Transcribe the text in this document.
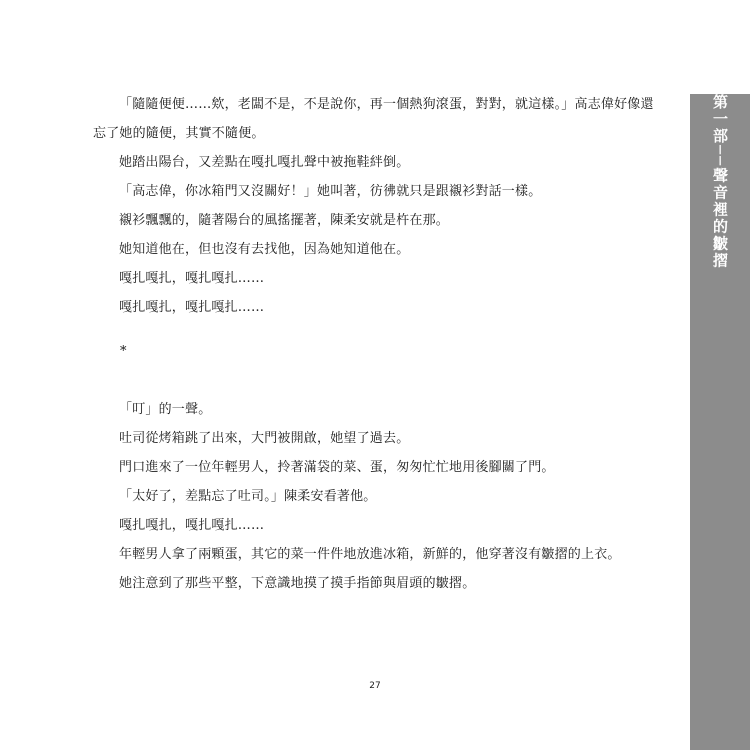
「隨隨便便……欸，老闆不是，不是說你，再一個熱狗滾蛋，對對，就這樣。」高志偉好像還忘了她的隨便，其實不隨便。

她踏出陽台，又差點在嘎扎嘎扎聲中被拖鞋絆倒。

「高志偉，你冰箱門又沒關好！」她叫著，彷彿就只是跟襯衫對話一樣。

襯衫飄飄的，隨著陽台的風搖擺著，陳柔安就是杵在那。

她知道他在，但也沒有去找他，因為她知道他在。

嘎扎嘎扎，嘎扎嘎扎……

嘎扎嘎扎，嘎扎嘎扎……

*

「叮」的一聲。

吐司從烤箱跳了出來，大門被開啟，她望了過去。

門口進來了一位年輕男人，拎著滿袋的菜、蛋，匆匆忙忙地用後腳關了門。

「太好了，差點忘了吐司。」陳柔安看著他。

嘎扎嘎扎，嘎扎嘎扎……

年輕男人拿了兩顆蛋，其它的菜一件件地放進冰箱，新鮮的，他穿著沒有皺摺的上衣。

她注意到了那些平整，下意識地摸了摸手指節與眉頭的皺摺。

27
第一部──聲音裡的皺摺
